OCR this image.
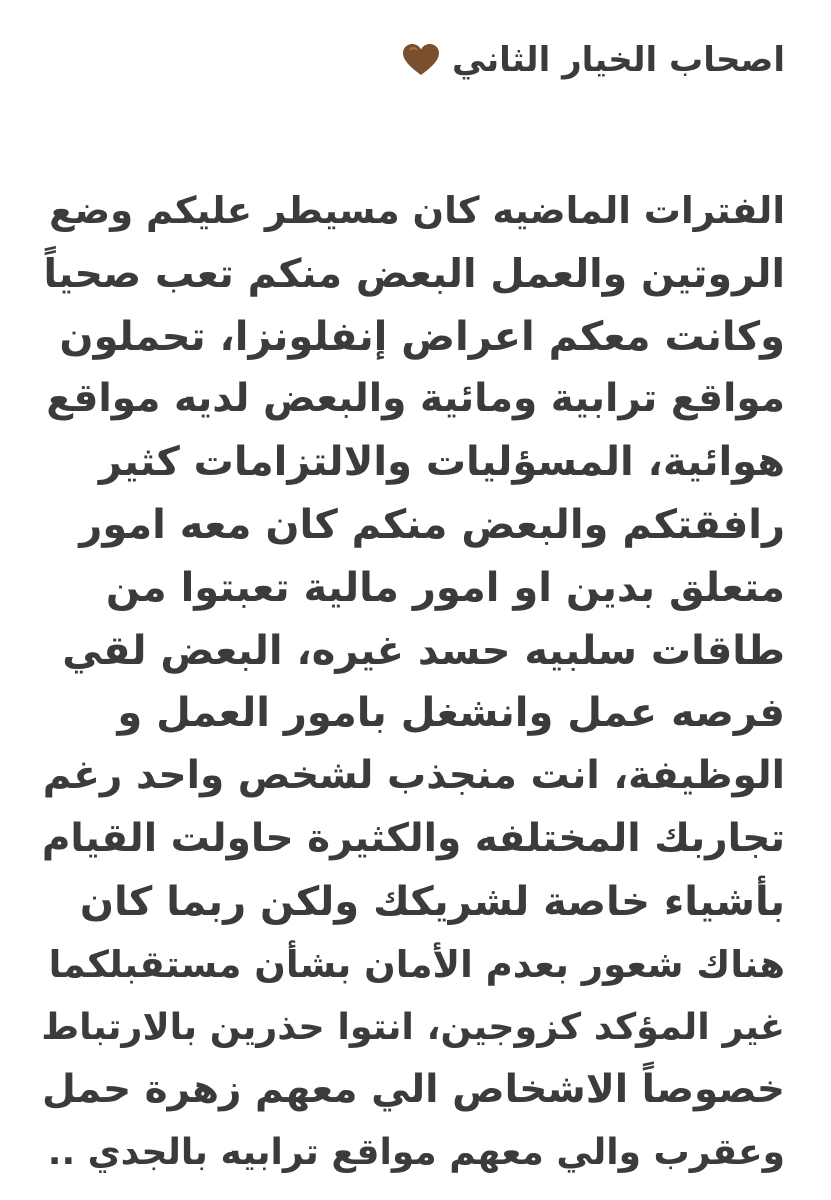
اصحاب الخيار الثاني
الفترات الماضيه كان مسيطر عليكم وضع
الروتين والعمل البعض منكم تعب صحياً
وكانت معكم اعراض إنفلونزا، تحملون
مواقع ترابية ومائية والبعض لديه مواقع
هوائية، المسؤليات والالتزامات كثير
رافقتكم والبعض منكم كان معه امور
متعلق بدين او امور مالية تعبتوا من
طاقات سلبيه حسد غيره، البعض لقي
فرصه عمل وانشغل بامور العمل و
الوظيفة، انت منجذب لشخص واحد رغم
تجاربك المختلفه والكثيرة حاولت القيام
بأشياء خاصة لشريكك ولكن ربما كان
هناك شعور بعدم الأمان بشأن مستقبلكما
غير المؤكد كزوجين، انتوا حذرين بالارتباط
خصوصاً الاشخاص الي معهم زهرة حمل
وعقرب والي معهم مواقع ترابيه بالجدي ..
